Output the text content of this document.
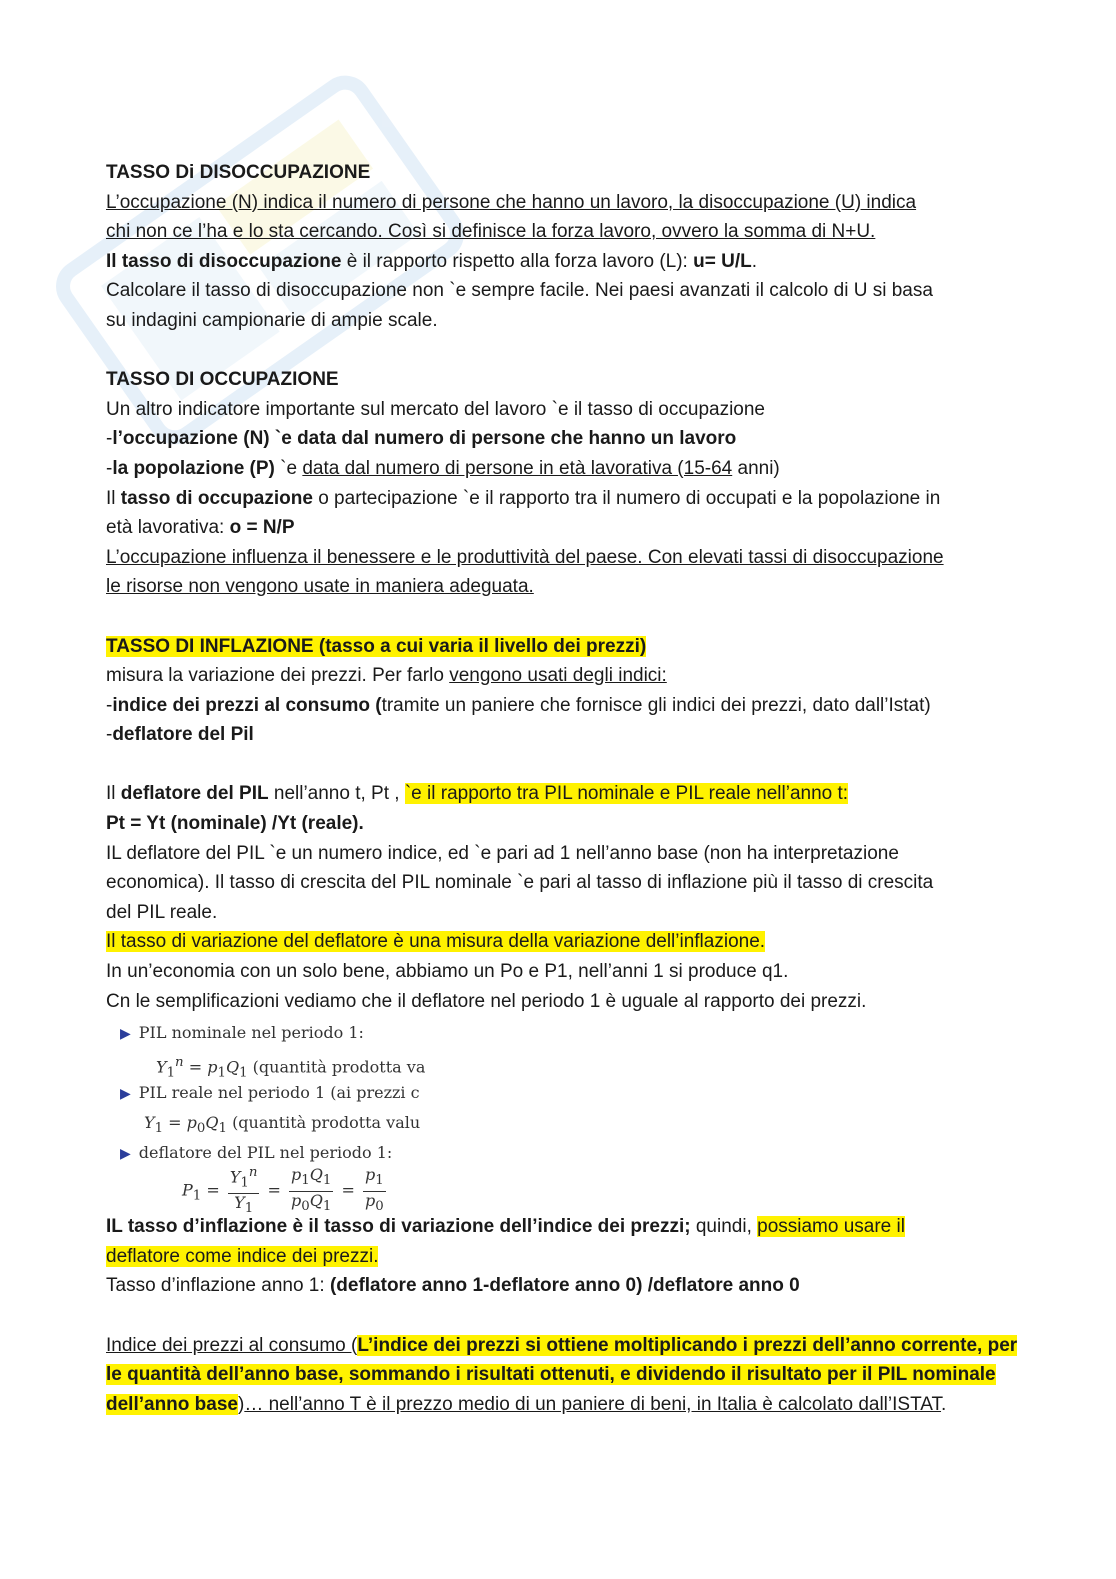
TASSO Di DISOCCUPAZIONE
L’occupazione (N) indica il numero di persone che hanno un lavoro, la disoccupazione (U) indica
chi non ce l’ha e lo sta cercando. Così si definisce la forza lavoro, ovvero la somma di N+U.
Il tasso di disoccupazione è il rapporto rispetto alla forza lavoro (L): u= U/L.
Calcolare il tasso di disoccupazione non `e sempre facile. Nei paesi avanzati il calcolo di U si basa
su indagini campionarie di ampie scale.
TASSO DI OCCUPAZIONE
Un altro indicatore importante sul mercato del lavoro `e il tasso di occupazione
-l’occupazione (N) `e data dal numero di persone che hanno un lavoro
-la popolazione (P) `e data dal numero di persone in età lavorativa (15-64 anni)
Il tasso di occupazione o partecipazione `e il rapporto tra il numero di occupati e la popolazione in
età lavorativa: o = N/P
L’occupazione influenza il benessere e le produttività del paese. Con elevati tassi di disoccupazione
le risorse non vengono usate in maniera adeguata.
TASSO DI INFLAZIONE (tasso a cui varia il livello dei prezzi)
misura la variazione dei prezzi. Per farlo vengono usati degli indici:
-indice dei prezzi al consumo (tramite un paniere che fornisce gli indici dei prezzi, dato dall’Istat)
-deflatore del Pil
Il deflatore del PIL nell’anno t, Pt , `e il rapporto tra PIL nominale e PIL reale nell’anno t:
Pt = Yt (nominale) /Yt (reale).
IL deflatore del PIL `e un numero indice, ed `e pari ad 1 nell’anno base (non ha interpretazione
economica). Il tasso di crescita del PIL nominale `e pari al tasso di inflazione più il tasso di crescita
del PIL reale.
Il tasso di variazione del deflatore è una misura della variazione dell’inflazione.
In un’economia con un solo bene, abbiamo un Po e P1, nell’anni 1 si produce q1.
Cn le semplificazioni vediamo che il deflatore nel periodo 1 è uguale al rapporto dei prezzi.
▶ PIL nominale nel periodo 1:
$Y_1^n = p_1Q_1$ (quantità prodotta va
▶ PIL reale nel periodo 1 (ai prezzi c
$Y_1 = p_0Q_1$ (quantità prodotta valu
▶ deflatore del PIL nel periodo 1:
$P_1 = \frac{Y_1^n}{Y_1} = \frac{p_1Q_1}{p_0Q_1} = \frac{p_1}{p_0}$
IL tasso d’inflazione è il tasso di variazione dell’indice dei prezzi; quindi, possiamo usare il
deflatore come indice dei prezzi.
Tasso d’inflazione anno 1: (deflatore anno 1-deflatore anno 0) /deflatore anno 0
Indice dei prezzi al consumo (L’indice dei prezzi si ottiene moltiplicando i prezzi dell’anno corrente, per
le quantità dell’anno base, sommando i risultati ottenuti, e dividendo il risultato per il PIL nominale
dell’anno base)… nell’anno T è il prezzo medio di un paniere di beni, in Italia è calcolato dall’ISTAT.
